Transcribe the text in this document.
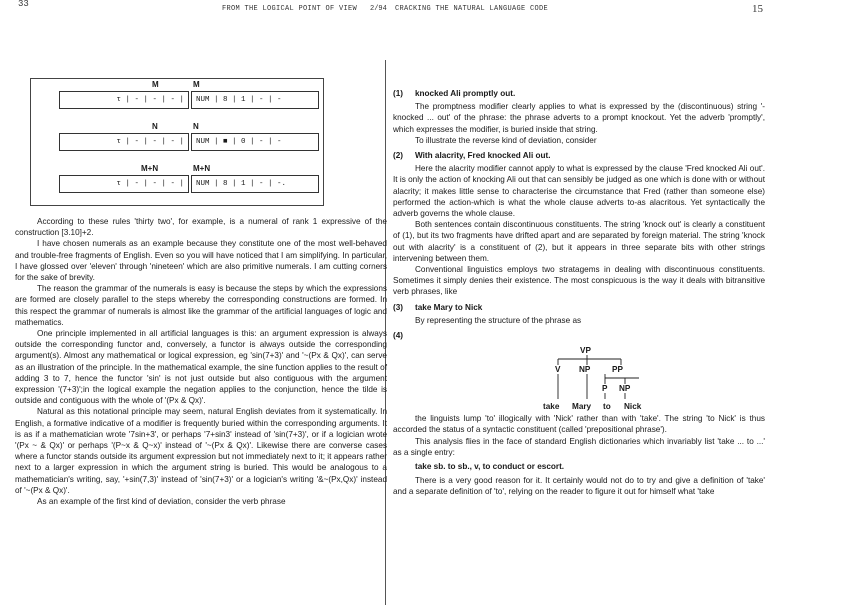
33	FROM THE LOGICAL POINT OF VIEW 2/94 CRACKING THE NATURAL LANGUAGE CODE	15
M	M
τ | - | - | - |	NUM | 8 | 1 | - | -
N	N
τ | - | - | - |	NUM | ■ | 0 | - | -
M+N	M+N
τ | - | - | - |	NUM | 8 | 1 | - | -.

According to these rules 'thirty two', for example, is a numeral of rank 1 expressive of the construction [3.10]+2.

I have chosen numerals as an example because they constitute one of the most well-behaved and trouble-free fragments of English. Even so you will have noticed that I am simplifying. In particular, I have glossed over 'eleven' through 'nineteen' which are also primitive numerals. I am cutting corners for the sake of brevity.

The reason the grammar of the numerals is easy is because the steps by which the expressions are formed are closely parallel to the steps whereby the corresponding constructions are formed. In this respect the grammar of numerals is almost like the grammar of the artificial languages of logic and mathematics.

One principle implemented in all artificial languages is this: an argument expression is always outside the corresponding functor and, conversely, a functor is always outside the corresponding argument(s). Almost any mathematical or logical expression, eg 'sin(7+3)' and '~(Px & Qx)', can serve as an illustration of the principle. In the mathematical example, the sine function applies to the result of adding 3 to 7, hence the functor 'sin' is not just outside but also contiguous with the argument expression '(7+3)';in the logical example the negation applies to the conjunction, hence the tilde is outside and contiguous with the whole of '(Px & Qx)'.

Natural as this notational principle may seem, natural English deviates from it systematically. In English, a formative indicative of a modifier is frequently buried within the corresponding arguments. It is as if a mathematician wrote '7sin+3', or perhaps '7+sin3' instead of 'sin(7+3)', or if a logician wrote '(Px ~ & Qx)' or perhaps '(P~x & Q~x)' instead of '~(Px & Qx)'. Likewise there are converse cases where a functor stands outside its argument expression but not immediately next to it; it appears rather next to a larger expression in which the argument string is buried. This would be analogous to a mathematician's writing, say, '+sin(7,3)' instead of 'sin(7+3)' or a logician's writing '&~(Px,Qx)' instead of '~(Px & Qx)'.

As an example of the first kind of deviation, consider the verb phrase

(1) knocked Ali promptly out.

The promptness modifier clearly applies to what is expressed by the (discontinuous) string '- knocked ... out' of the phrase: the phrase adverts to a prompt knockout. Yet the adverb 'promptly', which expresses the modifier, is buried inside that string.

To illustrate the reverse kind of deviation, consider

(2) With alacrity, Fred knocked Ali out.

Here the alacrity modifier cannot apply to what is expressed by the clause 'Fred knocked Ali out'. It is only the action of knocking Ali out that can sensibly be judged as one which is done with or without alacrity; it makes little sense to characterise the circumstance that Fred (rather than someone else) performed the action-which is what the whole clause adverts to-as alacritous. Yet syntactically the adverb governs the whole clause.

Both sentences contain discontinuous constituents. The string 'knock out' is clearly a constituent of (1), but its two fragments have drifted apart and are separated by foreign material. The string 'knock out with alacrity' is a constituent of (2), but it appears in three separate bits with other strings intervening between them.

Conventional linguistics employs two stratagems in dealing with discontinuous constituents. Sometimes it simply denies their existence. The most conspicuous is the way it deals with bitransitive verb phrases, like

(3) take Mary to Nick

By representing the structure of the phrase as

(4)

VP
V NP	PP
P NP
take Mary to Nick

the linguists lump 'to' illogically with 'Nick' rather than with 'take'. The string 'to Nick' is thus accorded the status of a syntactic constituent (called 'prepositional phrase').

This analysis flies in the face of standard English dictionaries which invariably list 'take ... to ...' as a single entry:

take sb. to sb., v, to conduct or escort.

There is a very good reason for it. It certainly would not do to try and give a definition of 'take' and a separate definition of 'to', relying on the reader to figure it out for himself what 'take
